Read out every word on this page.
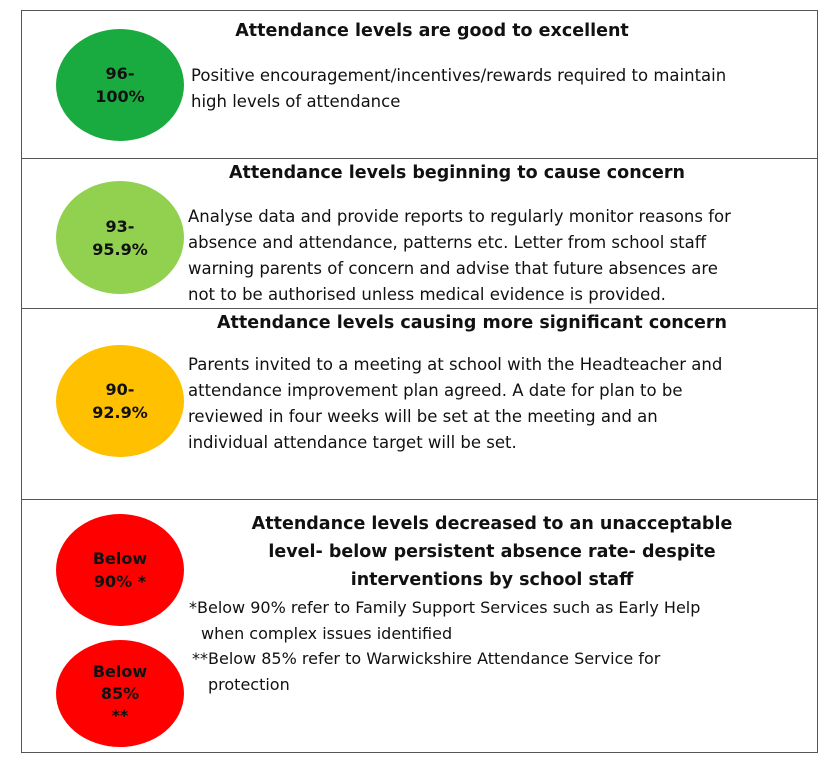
96-
100%
Attendance levels are good to excellent
Positive encouragement/incentives/rewards required to maintain
high levels of attendance
93-
95.9%
Attendance levels beginning to cause concern
Analyse data and provide reports to regularly monitor reasons for
absence and attendance, patterns etc. Letter from school staff
warning parents of concern and advise that future absences are
not to be authorised unless medical evidence is provided.
90-
92.9%
Attendance levels causing more significant concern
Parents invited to a meeting at school with the Headteacher and
attendance improvement plan agreed. A date for plan to be
reviewed in four weeks will be set at the meeting and an
individual attendance target will be set.
Below
90% *
Below
85%
**
Attendance levels decreased to an unacceptable
level- below persistent absence rate- despite
interventions by school staff
*Below 90% refer to Family Support Services such as Early Help
when complex issues identified
**Below 85% refer to Warwickshire Attendance Service for
protection
